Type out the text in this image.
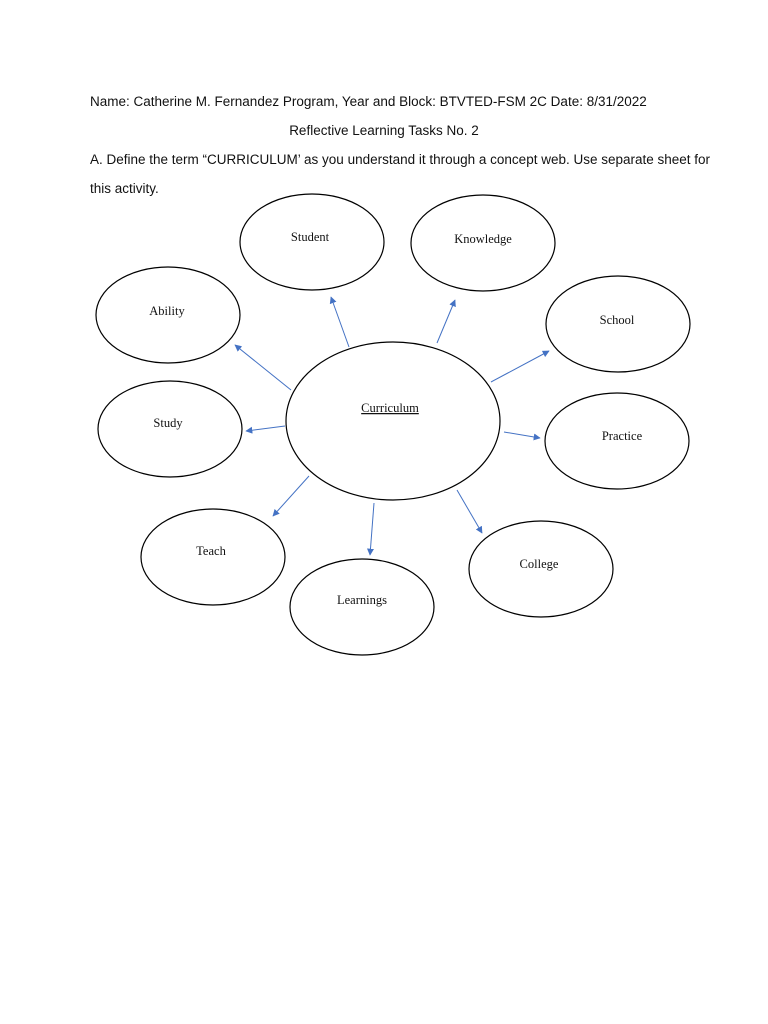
Name: Catherine M. Fernandez Program, Year and Block: BTVTED-FSM 2C Date: 8/31/2022
Reflective Learning Tasks No. 2
A. Define the term “CURRICULUM’ as you understand it through a concept web. Use separate sheet for
this activity.
Curriculum
Student	Knowledge
Ability
School
Study
Practice
Teach
Learnings
College
